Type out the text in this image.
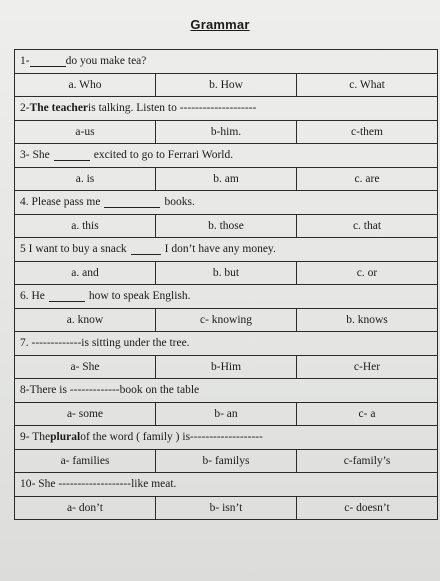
Grammar
1-	do you make tea?
a. Who	b. How	c. What
2- The teacher is talking. Listen to --------------------
a-us	b-him.	c-them
3- She	excited to go to Ferrari World.
a. is	b. am	c. are
4. Please pass me	books.
a. this	b. those	c. that
5 I want to buy a snack	I don’t have any money.
a. and	b. but	c. or
6. He	how to speak English.
a. know	c- knowing	b. knows
7. -------------is sitting under the tree.
a- She	b-Him	c-Her
8-There is -------------book on the table
a- some	b- an	c- a
9- The plural of the word ( family ) is-------------------
a- families	b- familys	c-family’s
10- She -------------------like meat.
a- don’t	b- isn’t	c- doesn’t
